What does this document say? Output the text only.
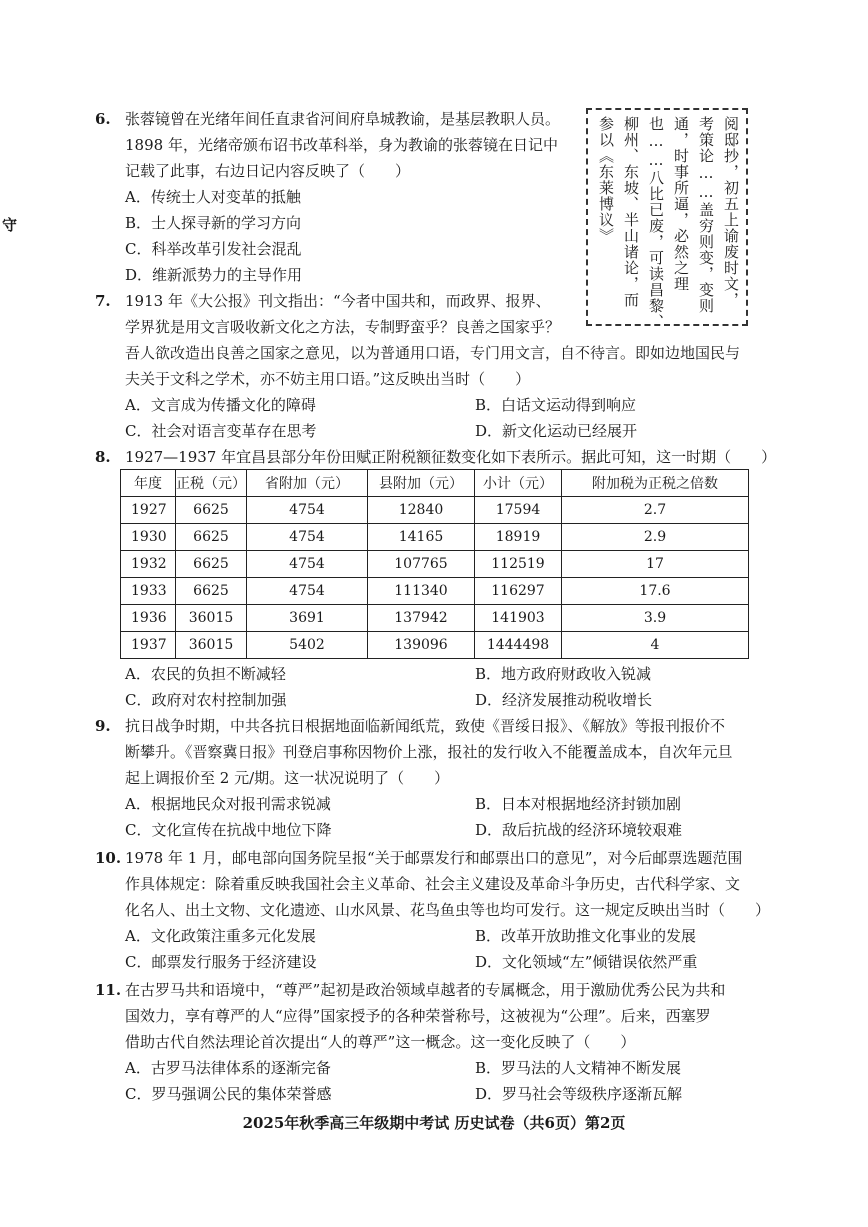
守
6. 张蓉镜曾在光绪年间任直隶省河间府阜城教谕，是基层教职人员。
1898 年，光绪帝颁布诏书改革科举，身为教谕的张蓉镜在日记中
记载了此事，右边日记内容反映了（　　）
A．传统士人对变革的抵触
B．士人探寻新的学习方向
C．科举改革引发社会混乱
D．维新派势力的主导作用	阅邸抄，初五上谕废时文，
考策论……盖穷则变，变则
通，时事所逼，必然之理
也……八比已废，可读昌黎、
柳州、东坡、半山诸论，而
参以《东莱博议》
7. 1913 年《大公报》刊文指出：“今者中国共和，而政界、报界、
学界犹是用文言吸收新文化之方法，专制野蛮乎？良善之国家乎？
吾人欲改造出良善之国家之意见，以为普通用口语，专门用文言，自不待言。即如边地国民与
夫关于文科之学术，亦不妨主用口语。”这反映出当时（　　）
A．文言成为传播文化的障碍	B．白话文运动得到响应
C．社会对语言变革存在思考	D．新文化运动已经展开
8. 1927—1937 年宜昌县部分年份田赋正附税额征数变化如下表所示。据此可知，这一时期（　　）
年度	正税（元）	省附加（元）	县附加（元）	小计（元）	附加税为正税之倍数
1927	6625	4754	12840	17594	2.7
1930	6625	4754	14165	18919	2.9
1932	6625	4754	107765	112519	17
1933	6625	4754	111340	116297	17.6
1936	36015	3691	137942	141903	3.9
1937	36015	5402	139096	1444498	4
A．农民的负担不断减轻	B．地方政府财政收入锐减
C．政府对农村控制加强	D．经济发展推动税收增长
9. 抗日战争时期，中共各抗日根据地面临新闻纸荒，致使《晋绥日报》、《解放》等报刊报价不
断攀升。《晋察冀日报》刊登启事称因物价上涨，报社的发行收入不能覆盖成本，自次年元旦
起上调报价至 2 元/期。这一状况说明了（　　）
A．根据地民众对报刊需求锐减	B．日本对根据地经济封锁加剧
C．文化宣传在抗战中地位下降	D．敌后抗战的经济环境较艰难
10. 1978 年 1 月，邮电部向国务院呈报“关于邮票发行和邮票出口的意见”，对今后邮票选题范围
作具体规定：除着重反映我国社会主义革命、社会主义建设及革命斗争历史，古代科学家、文
化名人、出土文物、文化遗迹、山水风景、花鸟鱼虫等也均可发行。这一规定反映出当时（　　）
A．文化政策注重多元化发展	B．改革开放助推文化事业的发展
C．邮票发行服务于经济建设	D．文化领域“左”倾错误依然严重
11. 在古罗马共和语境中，“尊严”起初是政治领域卓越者的专属概念，用于激励优秀公民为共和
国效力，享有尊严的人“应得”国家授予的各种荣誉称号，这被视为“公理”。后来，西塞罗
借助古代自然法理论首次提出“人的尊严”这一概念。这一变化反映了（　　）
A．古罗马法律体系的逐渐完备	B．罗马法的人文精神不断发展
C．罗马强调公民的集体荣誉感	D．罗马社会等级秩序逐渐瓦解
2025年秋季高三年级期中考试 历史试卷（共6页）第2页
